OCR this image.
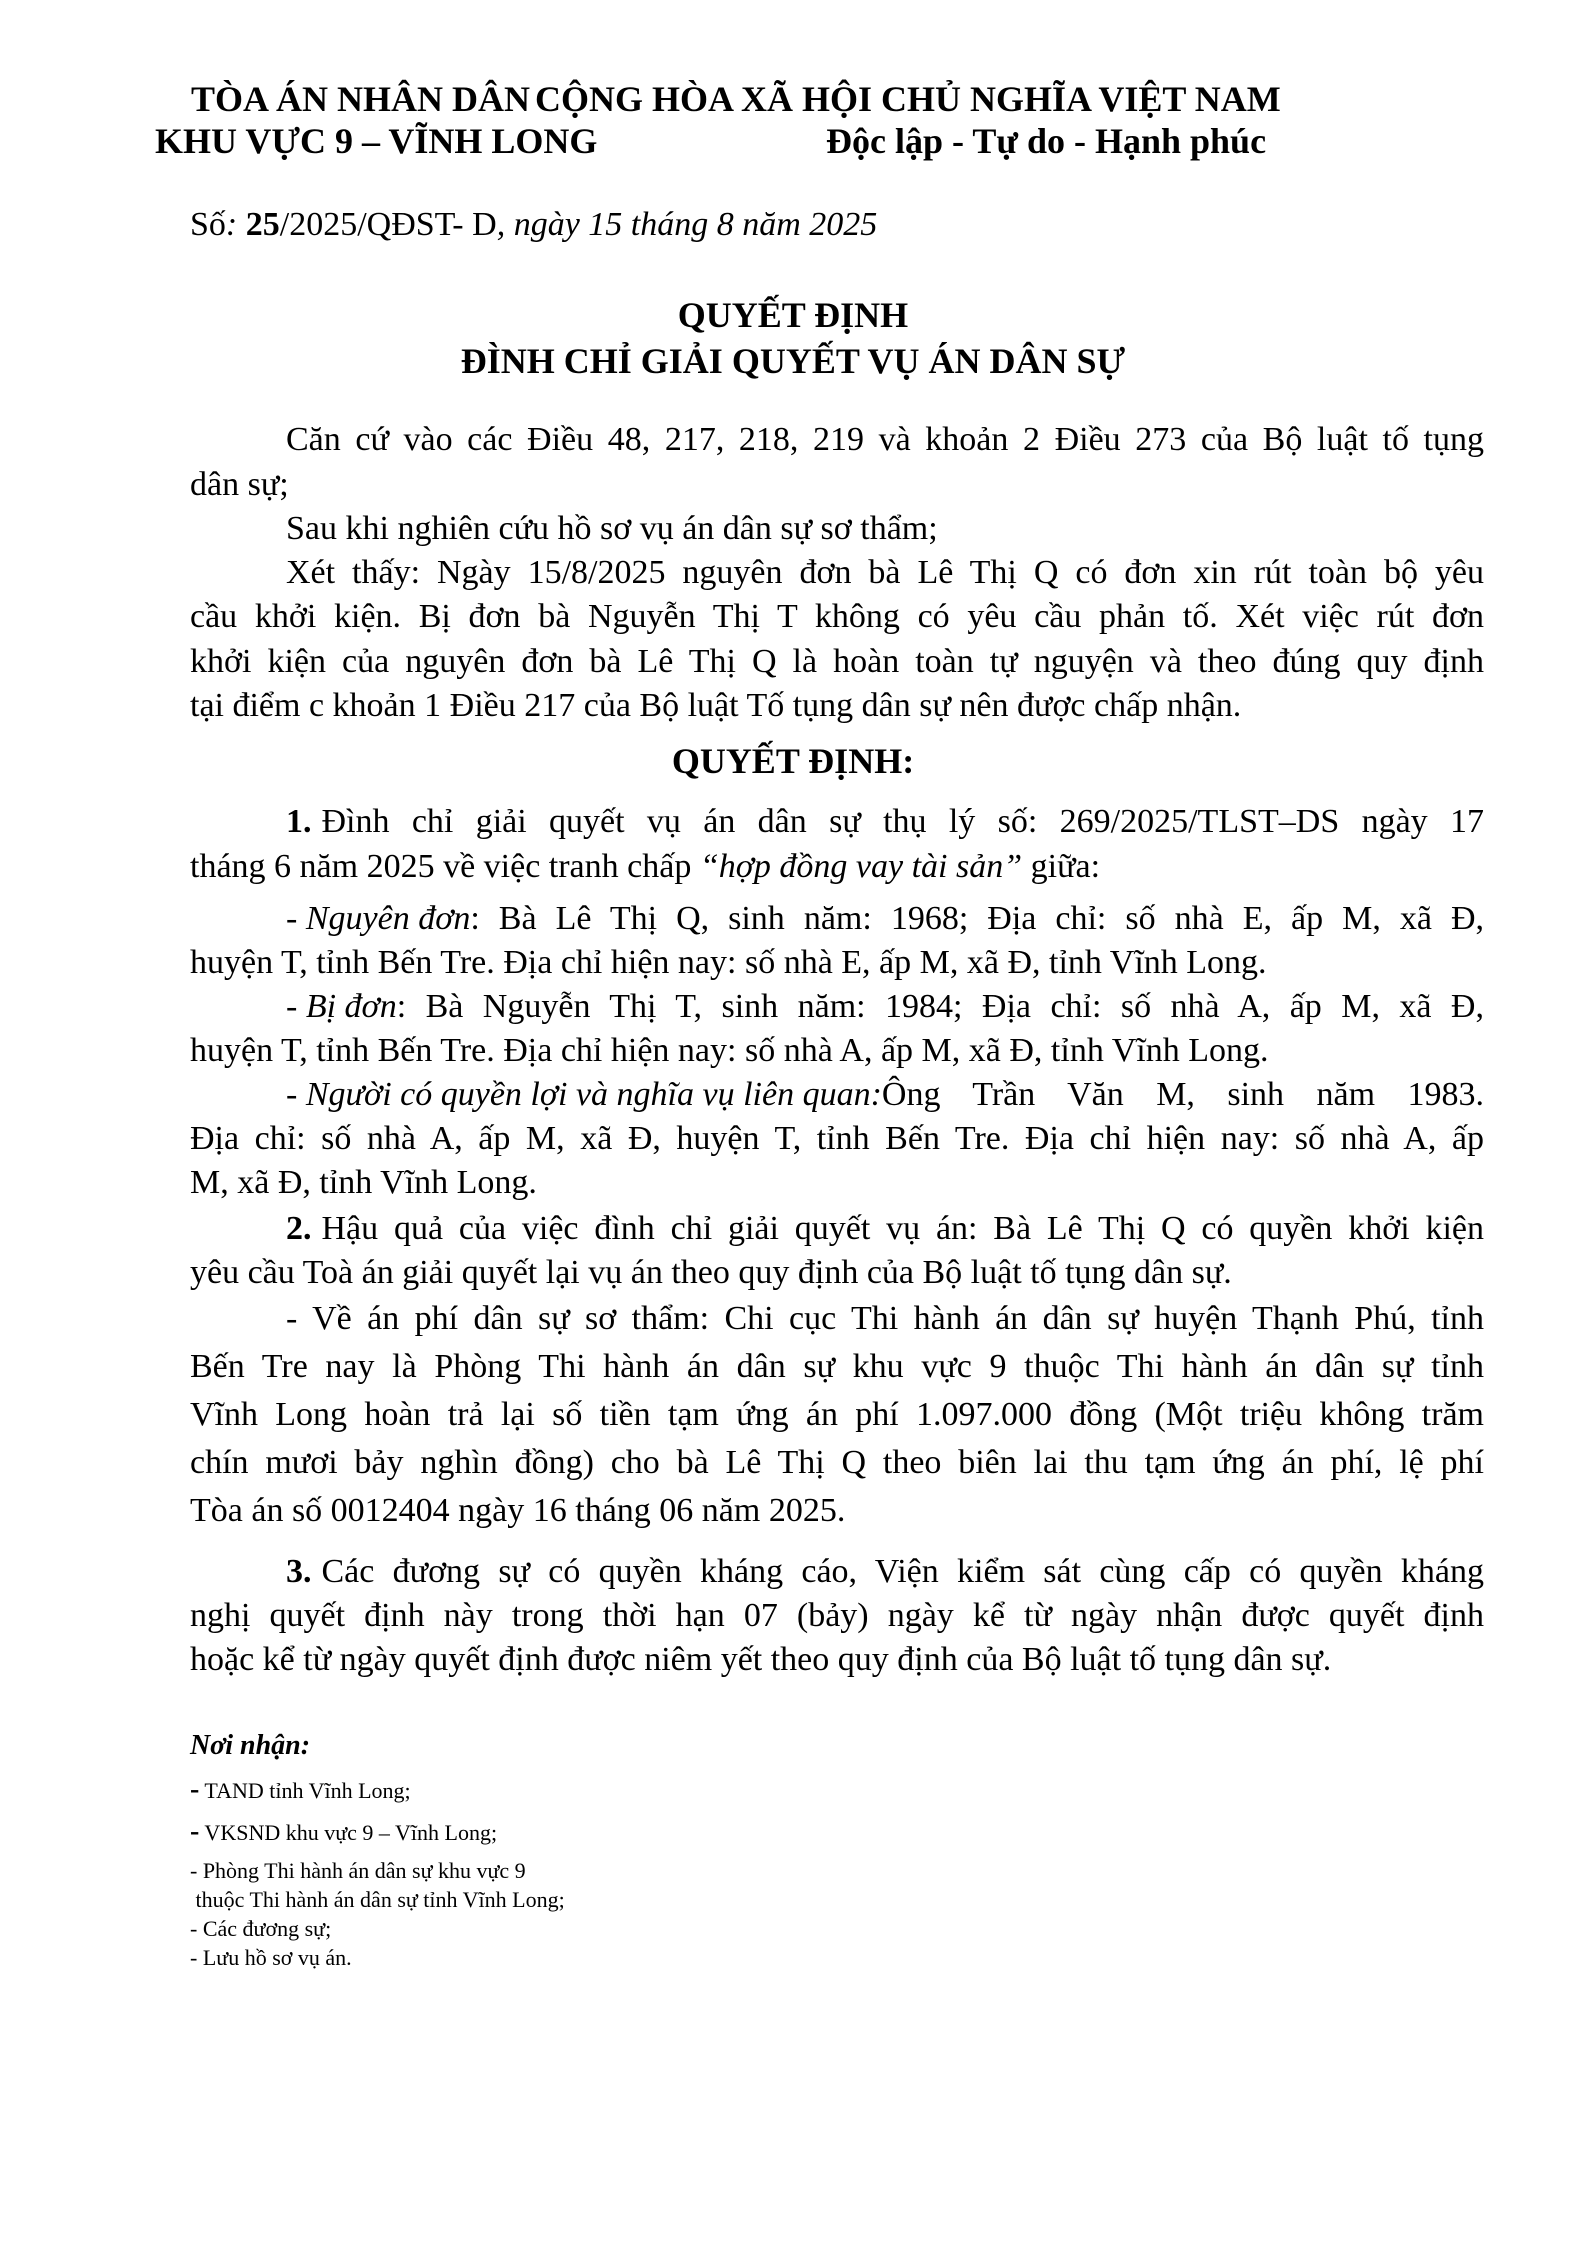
TÒA ÁN NHÂN DÂN
KHU VỰC 9 – VĨNH LONG
CỘNG HÒA XÃ HỘI CHỦ NGHĨA VIỆT NAM
Độc lập - Tự do - Hạnh phúc
Số: 25/2025/QĐST- D, ngày 15 tháng 8 năm 2025
QUYẾT ĐỊNH
ĐÌNH CHỈ GIẢI QUYẾT VỤ ÁN DÂN SỰ
Căn cứ vào các Điều 48, 217, 218, 219 và khoản 2 Điều 273 của Bộ luật tố tụng
dân sự;
Sau khi nghiên cứu hồ sơ vụ án dân sự sơ thẩm;
Xét thấy: Ngày 15/8/2025 nguyên đơn bà Lê Thị Q có đơn xin rút toàn bộ yêu
cầu khởi kiện. Bị đơn bà Nguyễn Thị T không có yêu cầu phản tố. Xét việc rút đơn
khởi kiện của nguyên đơn bà Lê Thị Q là hoàn toàn tự nguyện và theo đúng quy định
tại điểm c khoản 1 Điều 217 của Bộ luật Tố tụng dân sự nên được chấp nhận.
QUYẾT ĐỊNH:
1. Đình chỉ giải quyết vụ án dân sự thụ lý số: 269/2025/TLST–DS ngày 17
tháng 6 năm 2025 về việc tranh chấp “hợp đồng vay tài sản” giữa:
- Nguyên đơn : Bà Lê Thị Q, sinh năm: 1968; Địa chỉ: số nhà E, ấp M, xã Đ,
huyện T, tỉnh Bến Tre. Địa chỉ hiện nay: số nhà E, ấp M, xã Đ, tỉnh Vĩnh Long.
- Bị đơn : Bà Nguyễn Thị T, sinh năm: 1984; Địa chỉ: số nhà A, ấp M, xã Đ,
huyện T, tỉnh Bến Tre. Địa chỉ hiện nay: số nhà A, ấp M, xã Đ, tỉnh Vĩnh Long.
- Người có quyền lợi và nghĩa vụ liên quan: Ông Trần Văn M, sinh năm 1983.
Địa chỉ: số nhà A, ấp M, xã Đ, huyện T, tỉnh Bến Tre. Địa chỉ hiện nay: số nhà A, ấp
M, xã Đ, tỉnh Vĩnh Long.
2. Hậu quả của việc đình chỉ giải quyết vụ án: Bà Lê Thị Q có quyền khởi kiện
yêu cầu Toà án giải quyết lại vụ án theo quy định của Bộ luật tố tụng dân sự.
- Về án phí dân sự sơ thẩm: Chi cục Thi hành án dân sự huyện Thạnh Phú, tỉnh
Bến Tre nay là Phòng Thi hành án dân sự khu vực 9 thuộc Thi hành án dân sự tỉnh
Vĩnh Long hoàn trả lại số tiền tạm ứng án phí 1.097.000 đồng (Một triệu không trăm
chín mươi bảy nghìn đồng) cho bà Lê Thị Q theo biên lai thu tạm ứng án phí, lệ phí
Tòa án số 0012404 ngày 16 tháng 06 năm 2025.
3. Các đương sự có quyền kháng cáo, Viện kiểm sát cùng cấp có quyền kháng
nghị quyết định này trong thời hạn 07 (bảy) ngày kể từ ngày nhận được quyết định
hoặc kể từ ngày quyết định được niêm yết theo quy định của Bộ luật tố tụng dân sự.
Nơi nhận:
- TAND tỉnh Vĩnh Long;
- VKSND khu vực 9 – Vĩnh Long;
- Phòng Thi hành án dân sự khu vực 9
thuộc Thi hành án dân sự tỉnh Vĩnh Long;
- Các đương sự;
- Lưu hồ sơ vụ án.
